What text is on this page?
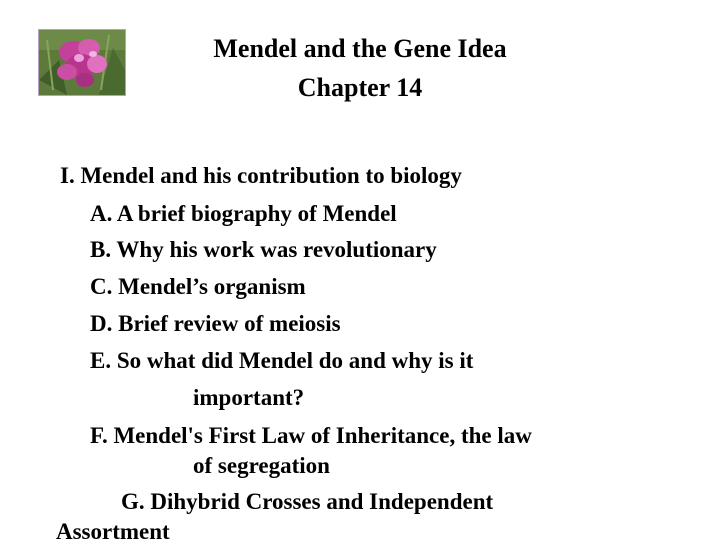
Mendel and the Gene Idea
Chapter 14
I. Mendel and his contribution to biology
A. A brief biography of Mendel
B. Why his work was revolutionary
C. Mendel’s organism
D. Brief review of meiosis
E. So what did Mendel do and why is it
important?
F. Mendel's First Law of Inheritance, the law
of segregation
G. Dihybrid Crosses and Independent
Assortment
